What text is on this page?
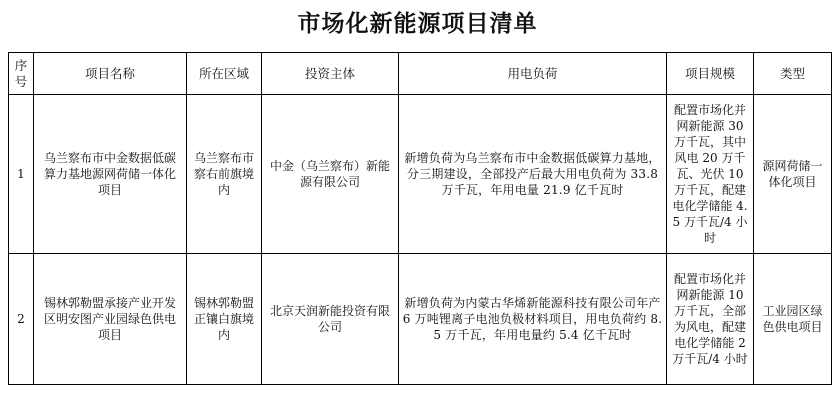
市场化新能源项目清单
序号	项目名称	所在区域	投资主体	用电负荷	项目规模	类型
1	乌兰察布市中金数据低碳算力基地源网荷储一体化项目	乌兰察布市察右前旗境内	中金（乌兰察布）新能源有限公司	新增负荷为乌兰察布市中金数据低碳算力基地，分三期建设，全部投产后最大用电负荷为 33.8 万千瓦，年用电量 21.9 亿千瓦时	配置市场化并网新能源 30 万千瓦，其中风电 20 万千瓦、光伏 10 万千瓦，配建电化学储能 4.5 万千瓦/4 小时	源网荷储一体化项目
2	锡林郭勒盟承接产业开发区明安图产业园绿色供电项目	锡林郭勒盟正镶白旗境内	北京天润新能投资有限公司	新增负荷为内蒙古华烯新能源科技有限公司年产 6 万吨锂离子电池负极材料项目，用电负荷约 8.5 万千瓦，年用电量约 5.4 亿千瓦时	配置市场化并网新能源 10 万千瓦，全部为风电，配建电化学储能 2 万千瓦/4 小时	工业园区绿色供电项目
